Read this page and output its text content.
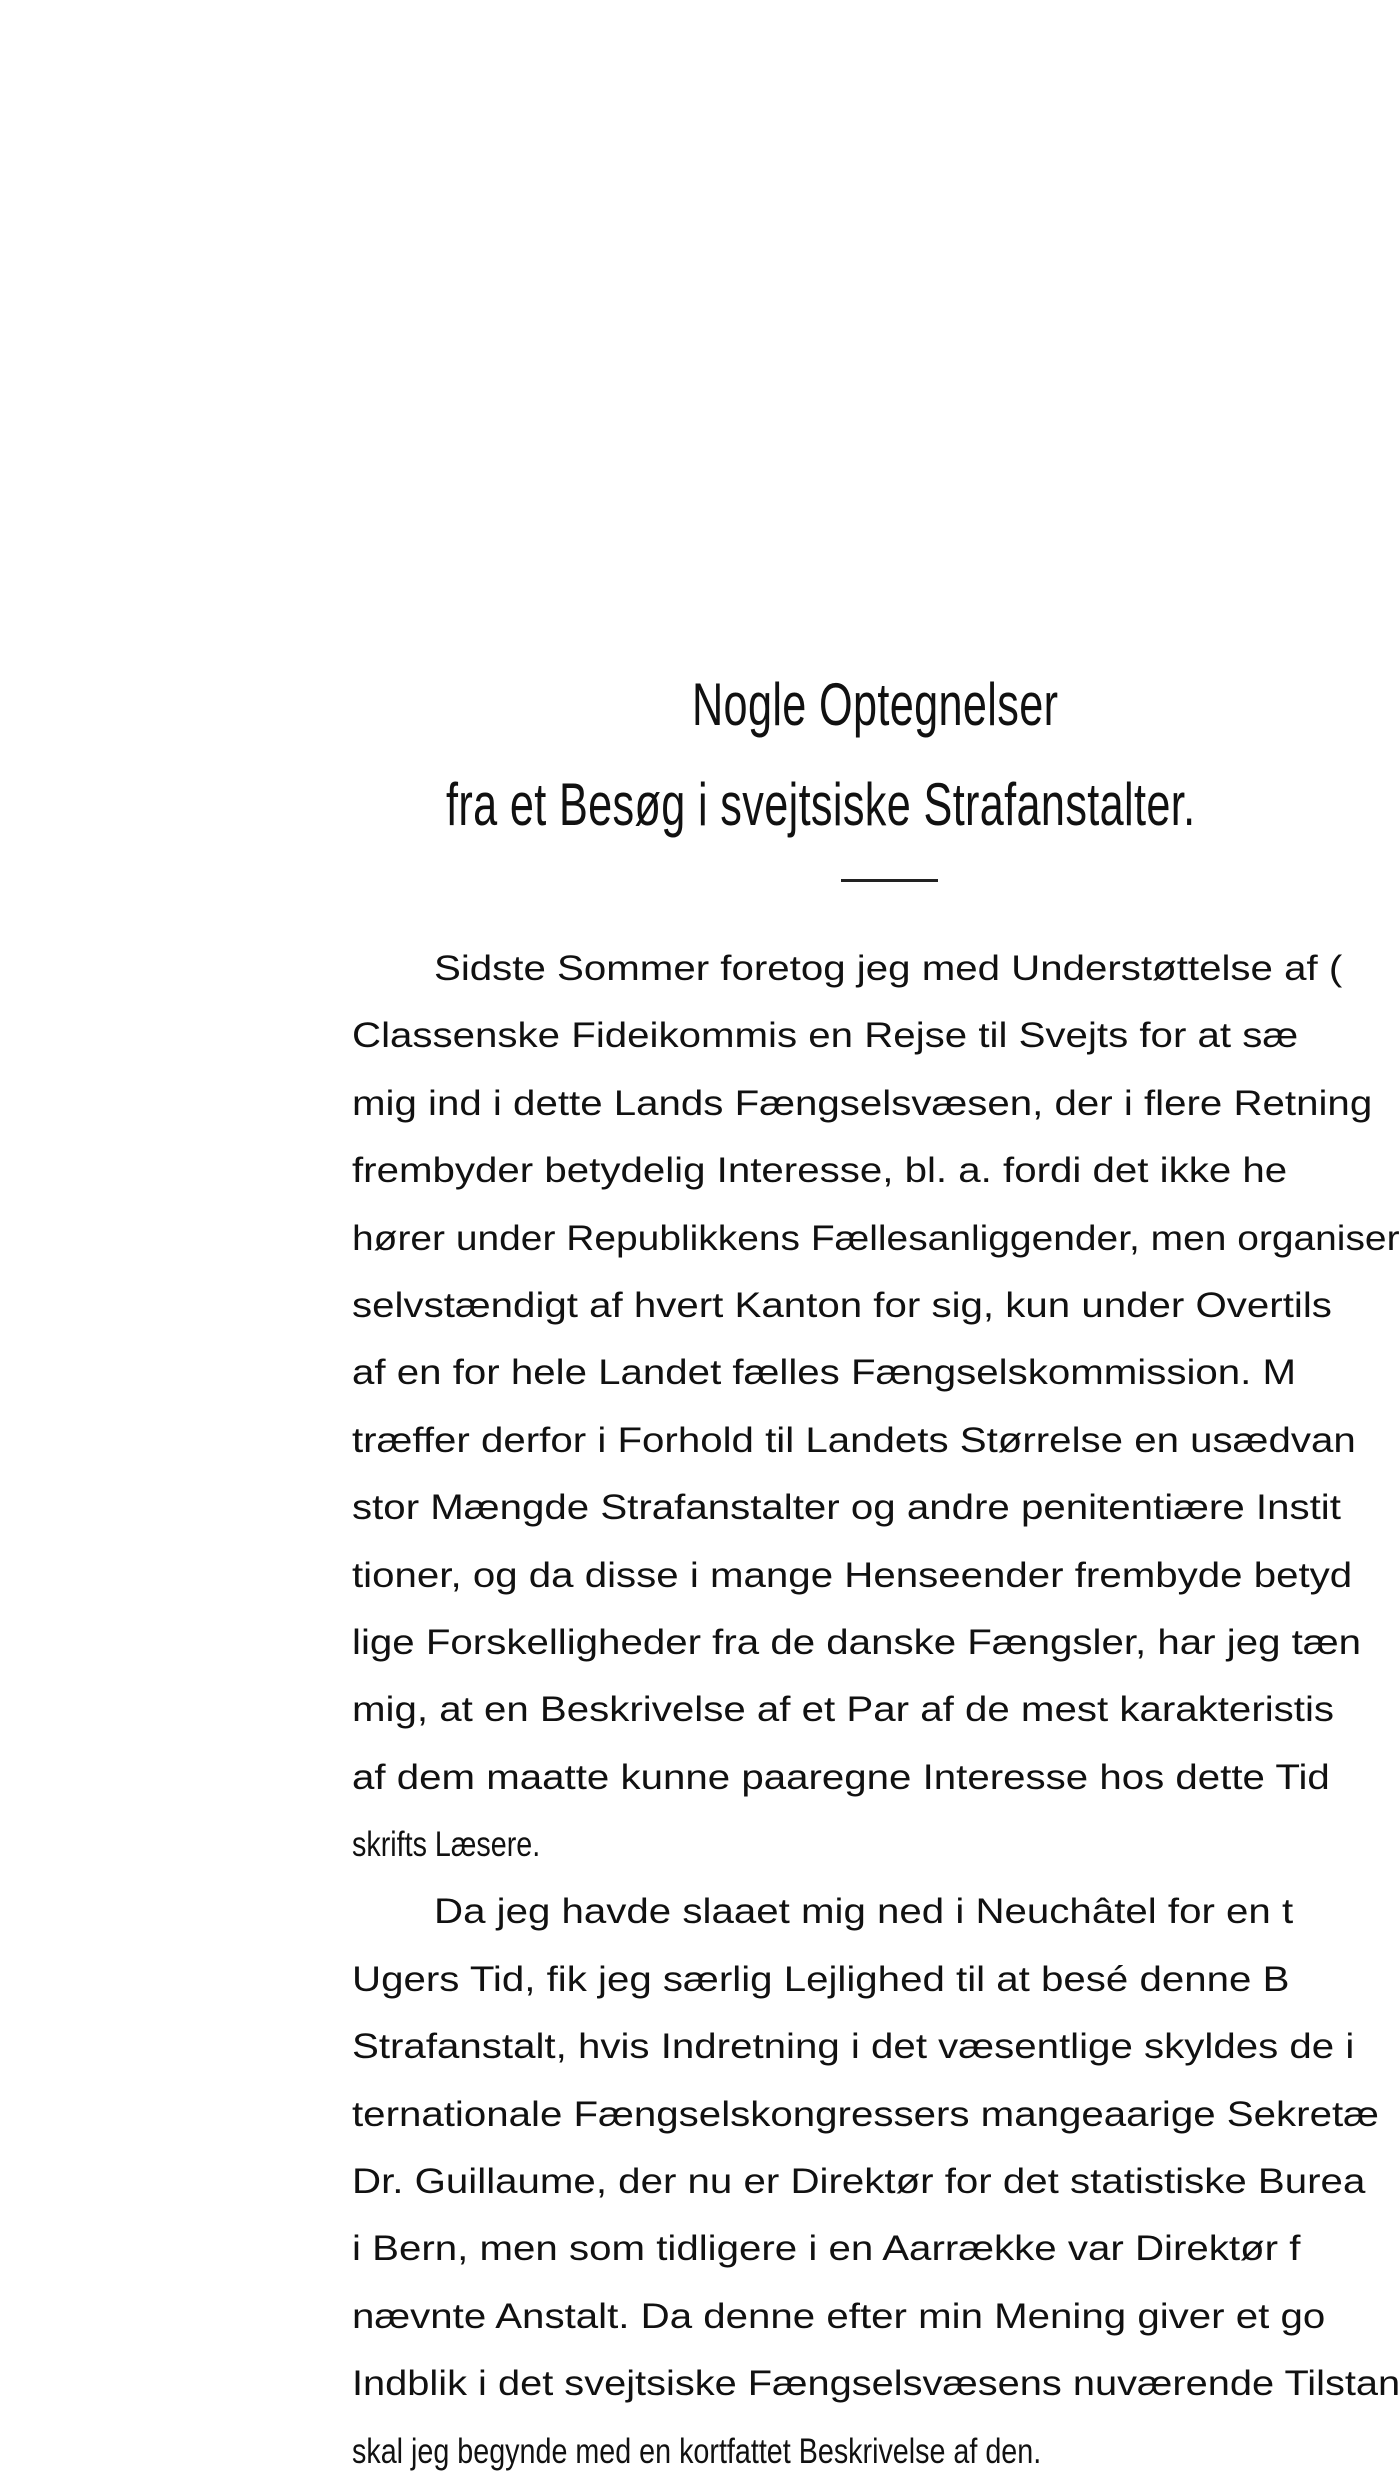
Nogle Optegnelser
fra et Besøg i svejtsiske Strafanstalter.
Sidste Sommer foretog jeg med Understøttelse af (
Classenske Fideikommis en Rejse til Svejts for at sæ
mig ind i dette Lands Fængselsvæsen, der i flere Retning
frembyder betydelig Interesse, bl. a. fordi det ikke he
hører under Republikkens Fællesanliggender, men organiser
selvstændigt af hvert Kanton for sig, kun under Overtils
af en for hele Landet fælles Fængselskommission. M
træffer derfor i Forhold til Landets Størrelse en usædvan
stor Mængde Strafanstalter og andre penitentiære Instit
tioner, og da disse i mange Henseender frembyde betyd
lige Forskelligheder fra de danske Fængsler, har jeg tæn
mig, at en Beskrivelse af et Par af de mest karakteristis
af dem maatte kunne paaregne Interesse hos dette Tid
skrifts Læsere.
Da jeg havde slaaet mig ned i Neuchâtel for en t
Ugers Tid, fik jeg særlig Lejlighed til at besé denne B
Strafanstalt, hvis Indretning i det væsentlige skyldes de i
ternationale Fængselskongressers mangeaarige Sekretæ
Dr. Guillaume, der nu er Direktør for det statistiske Burea
i Bern, men som tidligere i en Aarrække var Direktør f
nævnte Anstalt. Da denne efter min Mening giver et go
Indblik i det svejtsiske Fængselsvæsens nuværende Tilstan
skal jeg begynde med en kortfattet Beskrivelse af den.
